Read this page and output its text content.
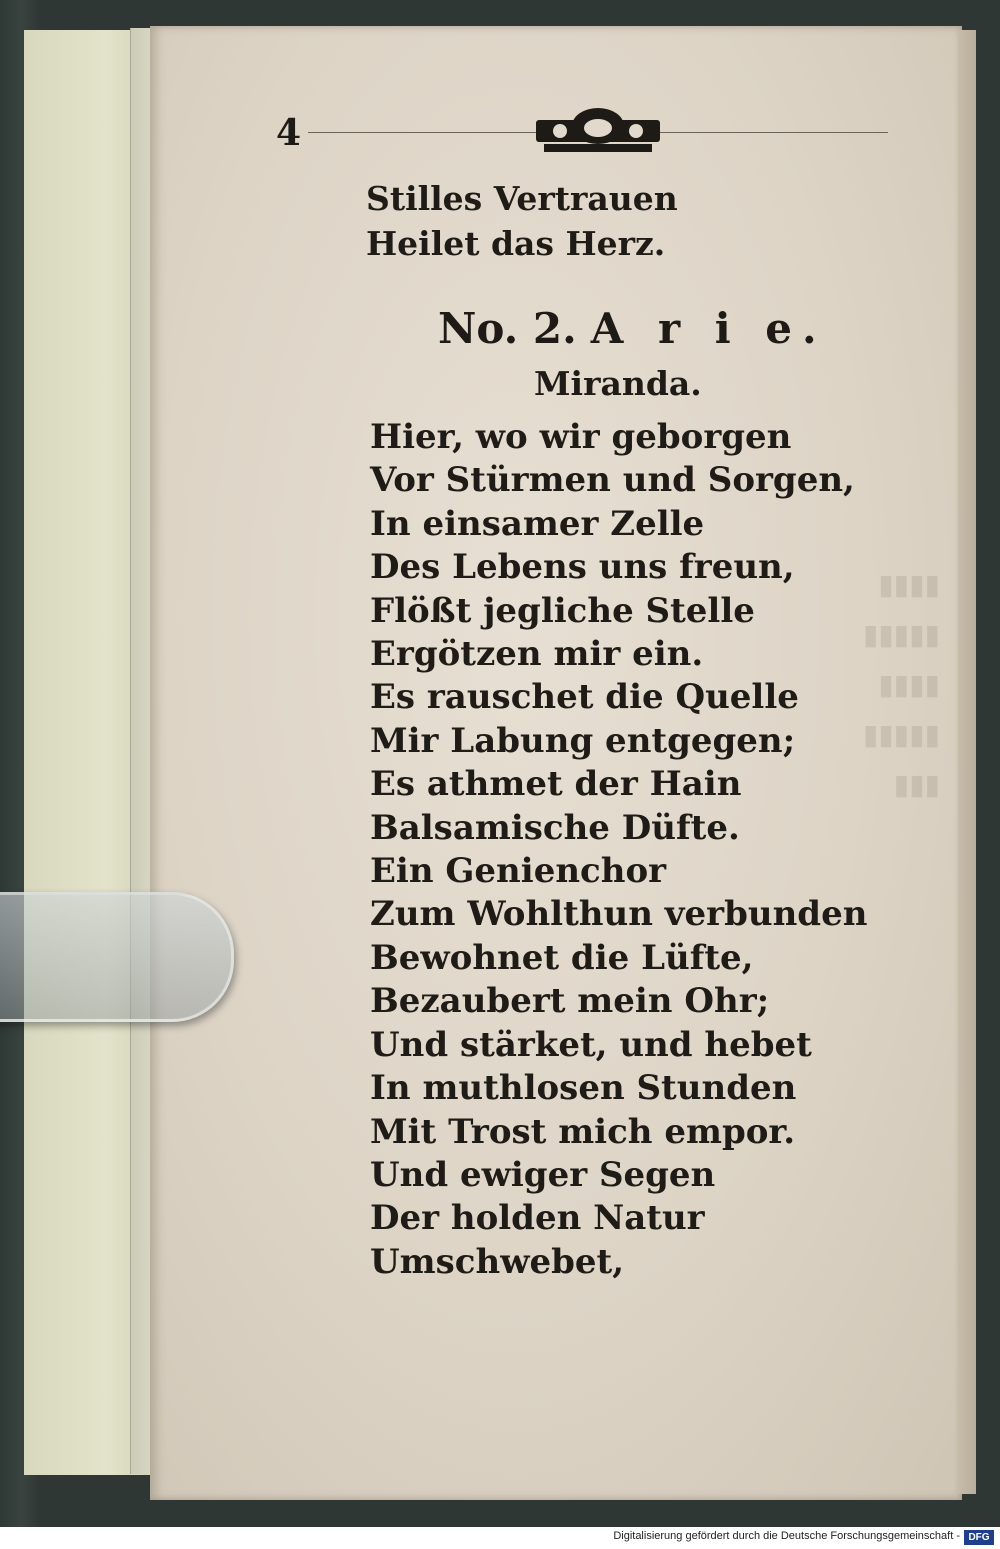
▮▮▮▮
▮▮▮▮▮
▮▮▮▮
▮▮▮▮▮
▮▮▮

4

Stilles Vertrauen
Heilet das Herz.
No. 2. A r i e.

Miranda.

Hier, wo wir geborgen
Vor Stürmen und Sorgen,
In einsamer Zelle
Des Lebens uns freun,
Flößt jegliche Stelle
Ergötzen mir ein.
Es rauschet die Quelle
Mir Labung entgegen;
Es athmet der Hain
Balsamische Düfte.
Ein Genienchor
Zum Wohlthun verbunden
Bewohnet die Lüfte,
Bezaubert mein Ohr;
Und stärket, und hebet
In muthlosen Stunden
Mit Trost mich empor.
Und ewiger Segen
Der holden Natur
Umschwebet,

Digitalisierung gefördert durch die Deutsche Forschungsgemeinschaft - DFG
